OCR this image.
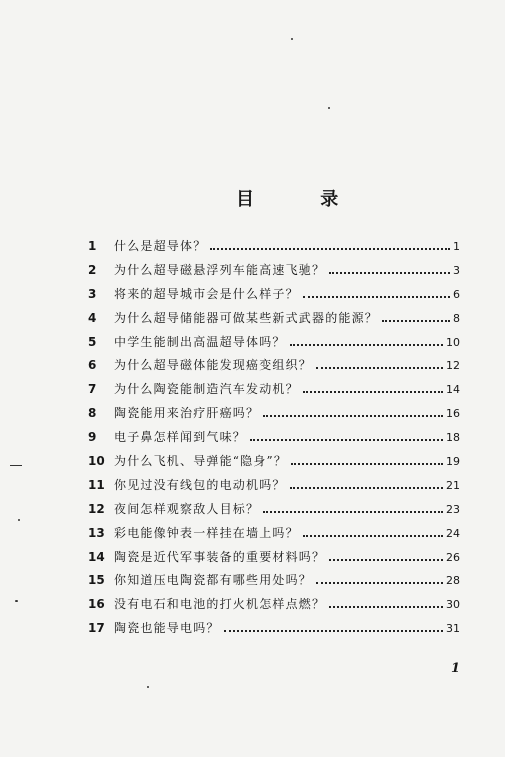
目 录
1	什么是超导体？	1
2	为什么超导磁悬浮列车能高速飞驰？	3
3	将来的超导城市会是什么样子？	6
4	为什么超导储能器可做某些新式武器的能源？	8
5	中学生能制出高温超导体吗？	10
6	为什么超导磁体能发现癌变组织？	12
7	为什么陶瓷能制造汽车发动机？	14
8	陶瓷能用来治疗肝癌吗？	16
9	电子鼻怎样闻到气味？	18
10 为什么飞机、导弹能“隐身”？	19
11 你见过没有线包的电动机吗？	21
12 夜间怎样观察敌人目标？	23
13 彩电能像钟表一样挂在墙上吗？	24
14 陶瓷是近代军事装备的重要材料吗？	26
15 你知道压电陶瓷都有哪些用处吗？	28
16 没有电石和电池的打火机怎样点燃？	30
17 陶瓷也能导电吗？	31
1
